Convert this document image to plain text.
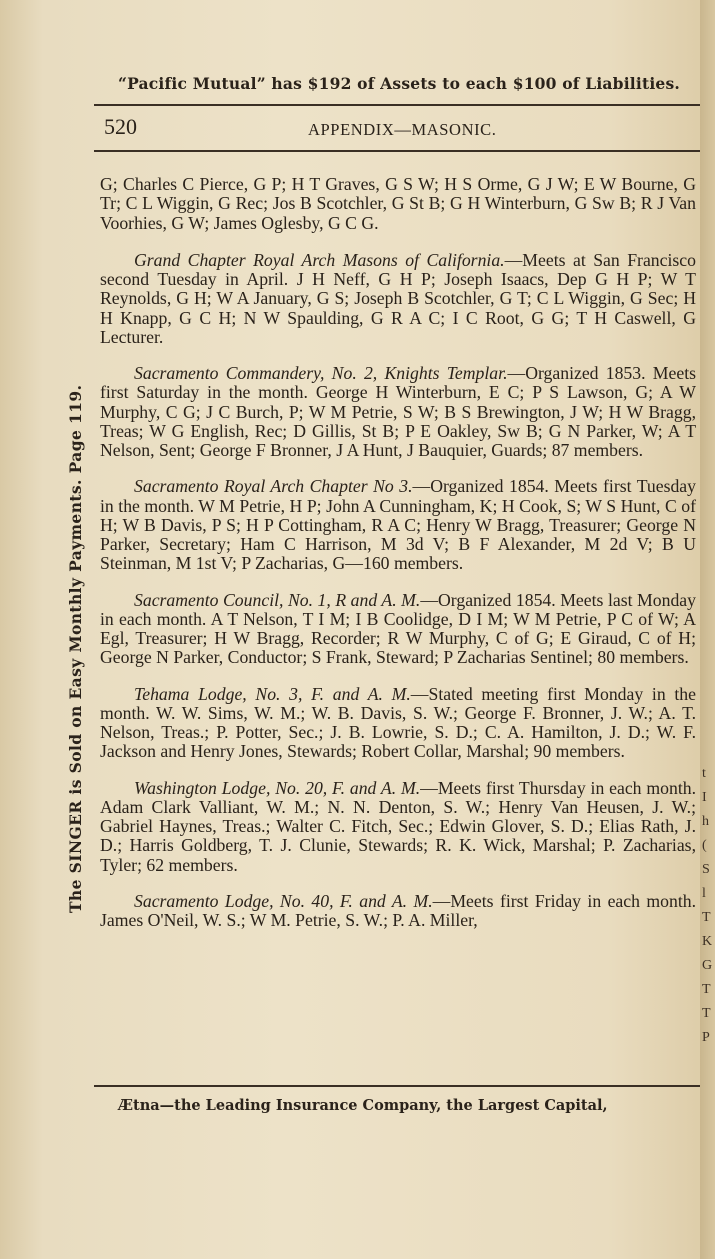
t
I
h
(
S
l
T
K
G
T
T
P
“Pacific Mutual” has $192 of Assets to each $100 of Liabilities.
520	APPENDIX—MASONIC.
The SINGER is Sold on Easy Monthly Payments. Page 119.

G; Charles C Pierce, G P; H T Graves, G S W; H S Orme, G J W; E W Bourne, G Tr; C L Wiggin, G Rec; Jos B Scotchler, G St B; G H Winterburn, G Sw B; R J Van Voorhies, G W; James Oglesby, G C G.

Grand Chapter Royal Arch Masons of California.—Meets at San Francisco second Tuesday in April. J H Neff, G H P; Joseph Isaacs, Dep G H P; W T Reynolds, G H; W A January, G S; Joseph B Scotchler, G T; C L Wiggin, G Sec; H H Knapp, G C H; N W Spaulding, G R A C; I C Root, G G; T H Caswell, G Lecturer.

Sacramento Commandery, No. 2, Knights Templar.—Organized 1853. Meets first Saturday in the month. George H Winterburn, E C; P S Lawson, G; A W Murphy, C G; J C Burch, P; W M Petrie, S W; B S Brewington, J W; H W Bragg, Treas; W G English, Rec; D Gillis, St B; P E Oakley, Sw B; G N Parker, W; A T Nelson, Sent; George F Bronner, J A Hunt, J Bauquier, Guards; 87 members.

Sacramento Royal Arch Chapter No 3.—Organized 1854. Meets first Tuesday in the month. W M Petrie, H P; John A Cunningham, K; H Cook, S; W S Hunt, C of H; W B Davis, P S; H P Cottingham, R A C; Henry W Bragg, Treasurer; George N Parker, Secretary; Ham C Harrison, M 3d V; B F Alexander, M 2d V; B U Steinman, M 1st V; P Zacharias, G—160 members.

Sacramento Council, No. 1, R and A. M.—Organized 1854. Meets last Monday in each month. A T Nelson, T I M; I B Coolidge, D I M; W M Petrie, P C of W; A Egl, Treasurer; H W Bragg, Recorder; R W Murphy, C of G; E Giraud, C of H; George N Parker, Conductor; S Frank, Steward; P Zacharias Sentinel; 80 members.

Tehama Lodge, No. 3, F. and A. M.—Stated meeting first Monday in the month. W. W. Sims, W. M.; W. B. Davis, S. W.; George F. Bronner, J. W.; A. T. Nelson, Treas.; P. Potter, Sec.; J. B. Lowrie, S. D.; C. A. Hamilton, J. D.; W. F. Jackson and Henry Jones, Stewards; Robert Collar, Marshal; 90 members.

Washington Lodge, No. 20, F. and A. M.—Meets first Thursday in each month. Adam Clark Valliant, W. M.; N. N. Denton, S. W.; Henry Van Heusen, J. W.; Gabriel Haynes, Treas.; Walter C. Fitch, Sec.; Edwin Glover, S. D.; Elias Rath, J. D.; Harris Goldberg, T. J. Clunie, Stewards; R. K. Wick, Marshal; P. Zacharias, Tyler; 62 members.

Sacramento Lodge, No. 40, F. and A. M.—Meets first Friday in each month. James O'Neil, W. S.; W M. Petrie, S. W.; P. A. Miller,

Ætna—the Leading Insurance Company, the Largest Capital,
